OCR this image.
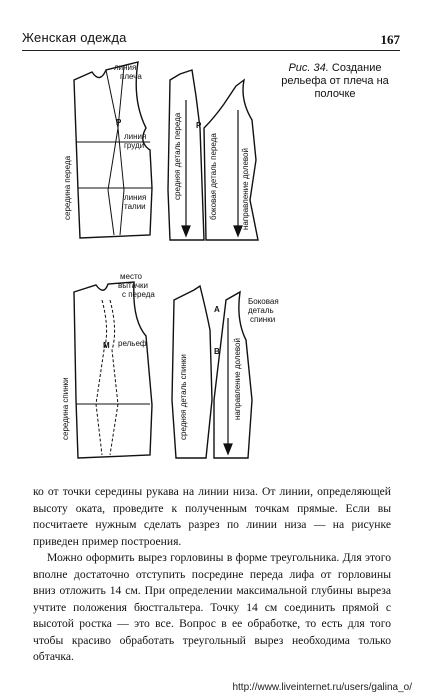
Женская одежда	167
Рис. 34. Создание рельефа от плеча на полочке
линия
плеча
линия
груди
линия
талии
Р	Р
середина переда	средняя деталь переда	боковая деталь переда	направление долевой
место
вытачки
с переда
рельеф
М
середина спинки	средняя деталь спинки
Боковая
деталь
спинки
направление долевой
А
В

ко от точки середины рукава на линии низа. От линии, определяющей высоту оката, проведите к полученным точкам прямые. Если вы посчитаете нужным сделать разрез по линии низа — на рисунке приведен пример построения.

Можно оформить вырез горловины в форме треугольника. Для этого вполне достаточно отступить посредине переда лифа от горловины вниз отложить 14 см. При определении максимальной глубины выреза учтите положения бюстгальтера. Точку 14 см соединить прямой с высотой ростка — это все. Вопрос в ее обработке, то есть для того чтобы красиво обработать треугольный вырез необходима только обтачка.

http://www.liveinternet.ru/users/galina_o/
